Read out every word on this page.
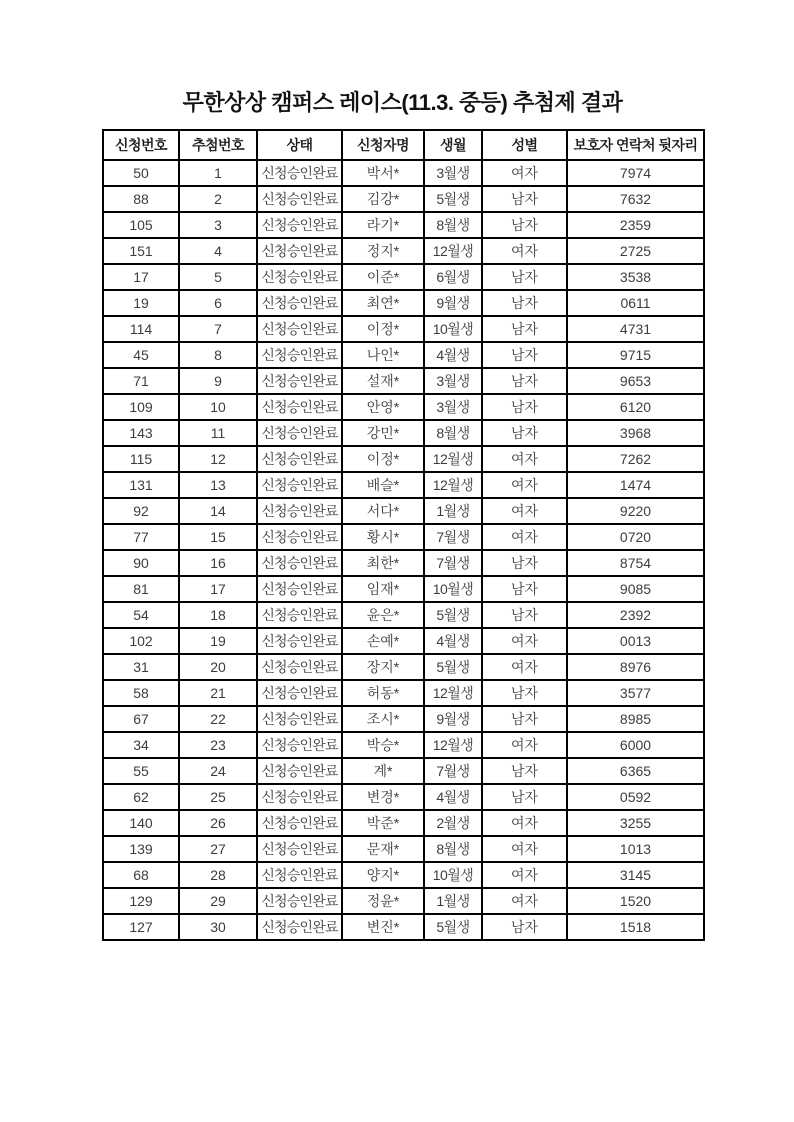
무한상상 캠퍼스 레이스(11.3. 중등) 추첨제 결과
신청번호	추첨번호	상태	신청자명	생월	성별	보호자 연락처 뒷자리
50	1	신청승인완료	박서*	3월생	여자	7974
88	2	신청승인완료	김강*	5월생	남자	7632
105	3	신청승인완료	라기*	8월생	남자	2359
151	4	신청승인완료	정지*	12월생	여자	2725
17	5	신청승인완료	이준*	6월생	남자	3538
19	6	신청승인완료	최연*	9월생	남자	0611
114	7	신청승인완료	이정*	10월생	남자	4731
45	8	신청승인완료	나인*	4월생	남자	9715
71	9	신청승인완료	설재*	3월생	남자	9653
109	10	신청승인완료	안영*	3월생	남자	6120
143	11	신청승인완료	강민*	8월생	남자	3968
115	12	신청승인완료	이정*	12월생	여자	7262
131	13	신청승인완료	배슬*	12월생	여자	1474
92	14	신청승인완료	서다*	1월생	여자	9220
77	15	신청승인완료	황시*	7월생	여자	0720
90	16	신청승인완료	최한*	7월생	남자	8754
81	17	신청승인완료	임재*	10월생	남자	9085
54	18	신청승인완료	윤은*	5월생	남자	2392
102	19	신청승인완료	손예*	4월생	여자	0013
31	20	신청승인완료	장지*	5월생	여자	8976
58	21	신청승인완료	허동*	12월생	남자	3577
67	22	신청승인완료	조시*	9월생	남자	8985
34	23	신청승인완료	박승*	12월생	여자	6000
55	24	신청승인완료	계*	7월생	남자	6365
62	25	신청승인완료	변경*	4월생	남자	0592
140	26	신청승인완료	박준*	2월생	여자	3255
139	27	신청승인완료	문재*	8월생	여자	1013
68	28	신청승인완료	양지*	10월생	여자	3145
129	29	신청승인완료	정윤*	1월생	여자	1520
127	30	신청승인완료	변진*	5월생	남자	1518
